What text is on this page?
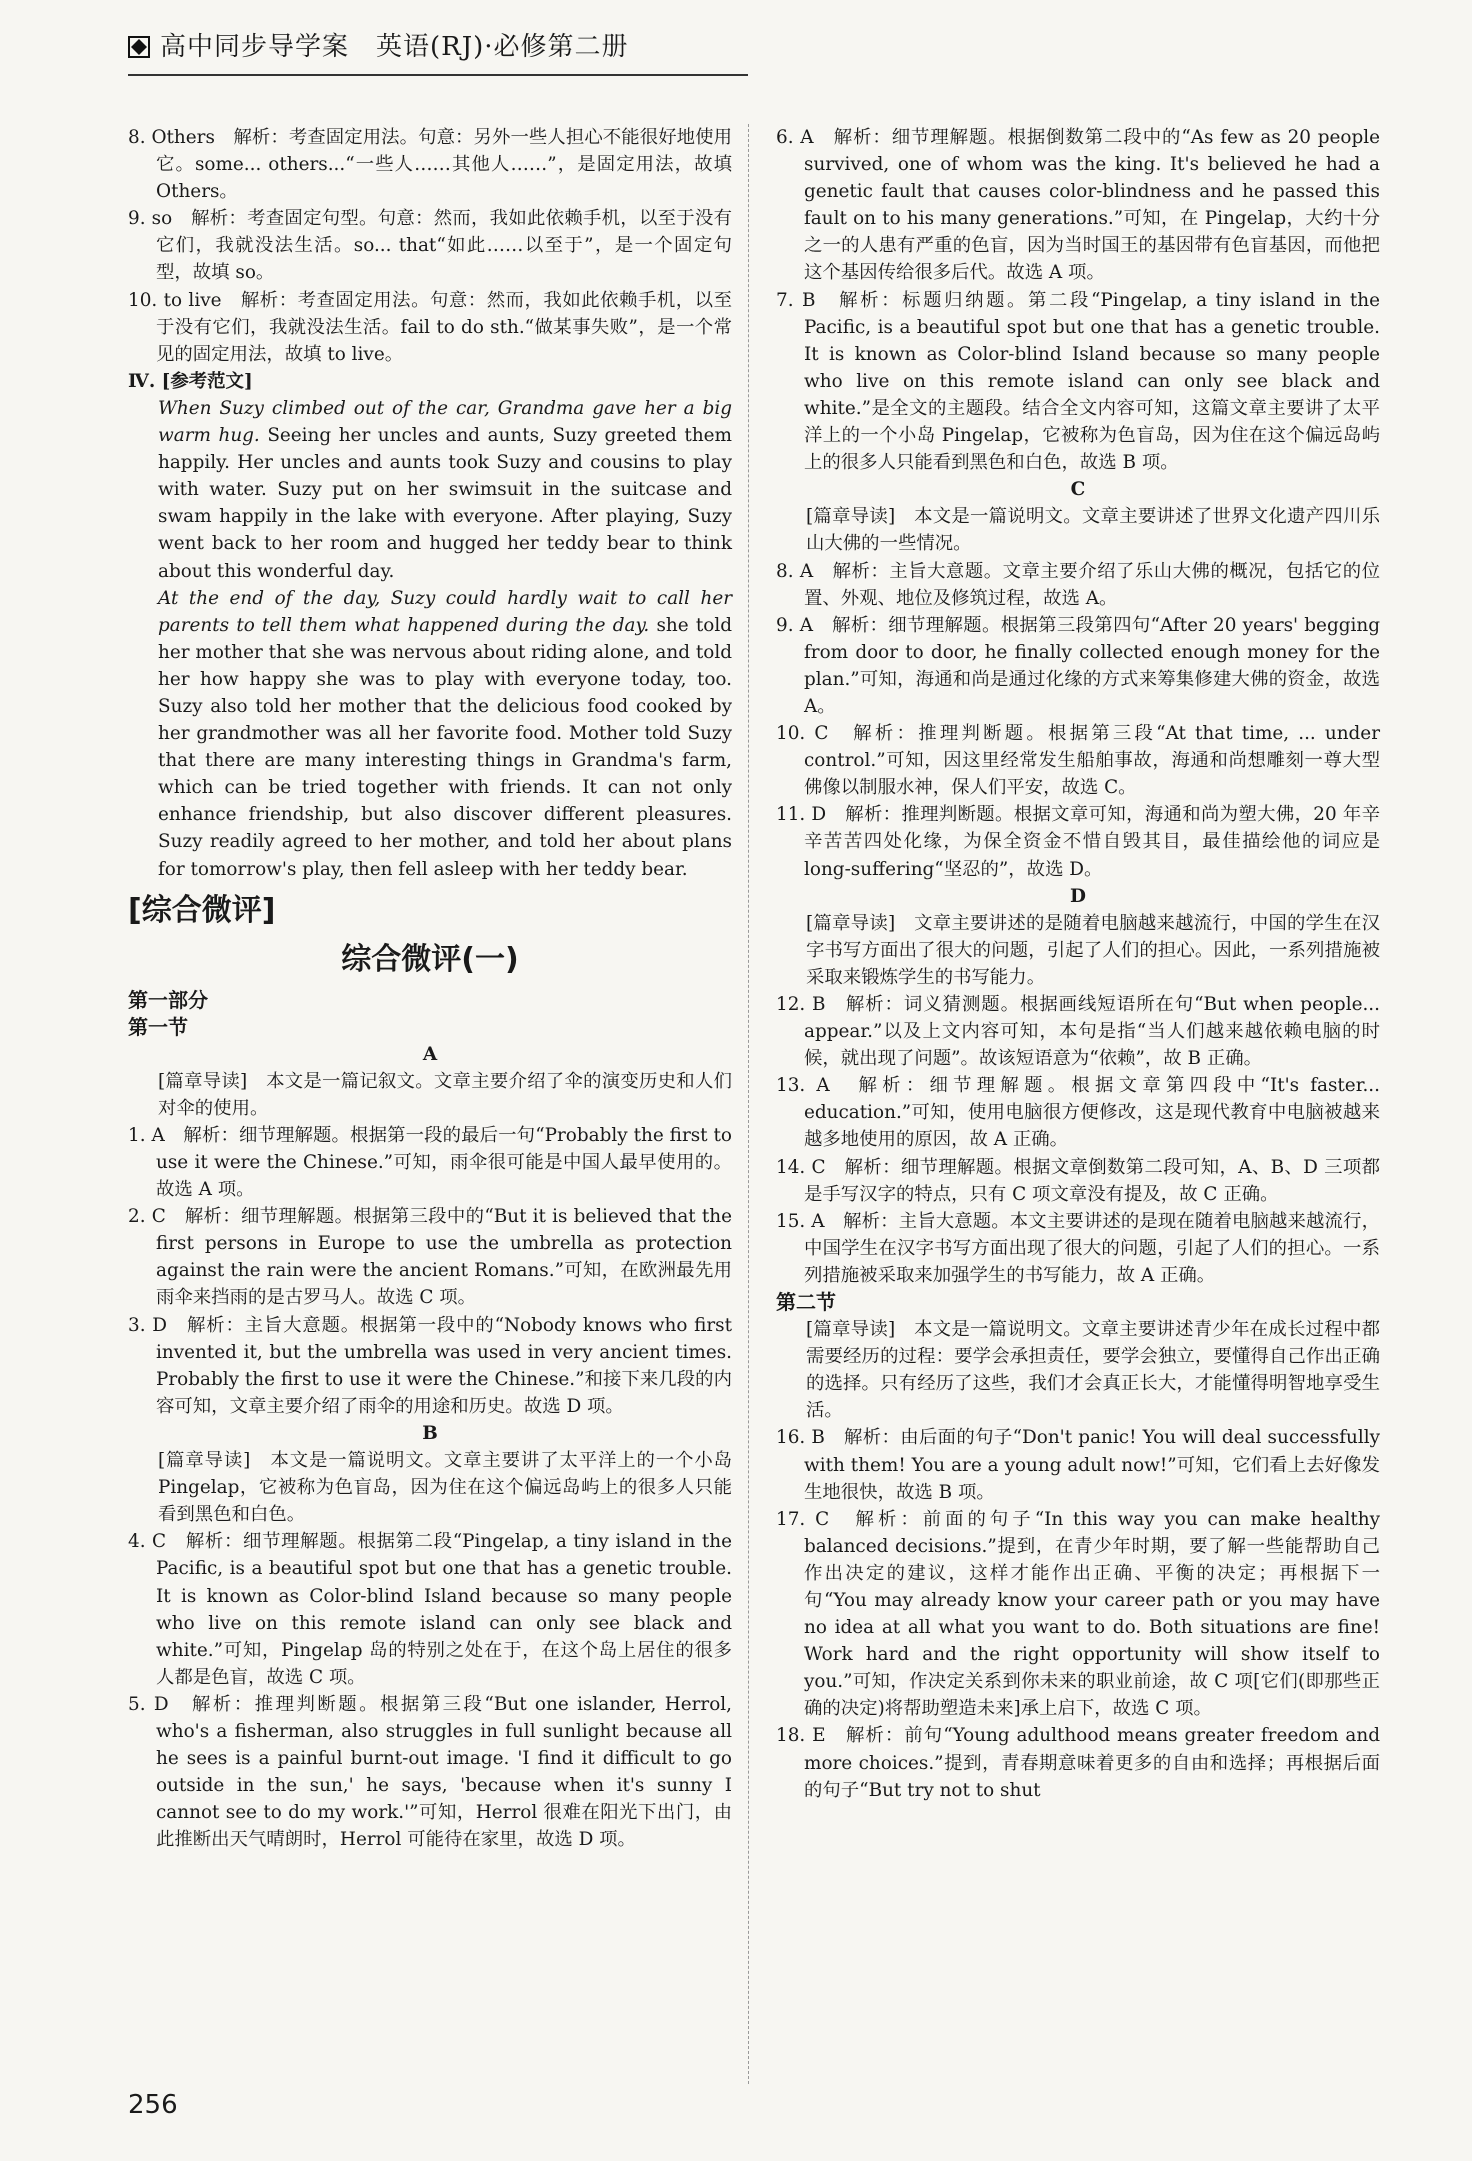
高中同步导学案　英语(RJ)·必修第二册

8. Others　解析：考查固定用法。句意：另外一些人担心不能很好地使用它。some... others...“一些人……其他人……”，是固定用法，故填 Others。

9. so　解析：考查固定句型。句意：然而，我如此依赖手机，以至于没有它们，我就没法生活。so... that“如此……以至于”，是一个固定句型，故填 so。

10. to live　解析：考查固定用法。句意：然而，我如此依赖手机，以至于没有它们，我就没法生活。fail to do sth.“做某事失败”，是一个常见的固定用法，故填 to live。

Ⅳ. [参考范文]

When Suzy climbed out of the car, Grandma gave her a big warm hug. Seeing her uncles and aunts, Suzy greeted them happily. Her uncles and aunts took Suzy and cousins to play with water. Suzy put on her swimsuit in the suitcase and swam happily in the lake with everyone. After playing, Suzy went back to her room and hugged her teddy bear to think about this wonderful day.

At the end of the day, Suzy could hardly wait to call her parents to tell them what happened during the day. she told her mother that she was nervous about riding alone, and told her how happy she was to play with everyone today, too. Suzy also told her mother that the delicious food cooked by her grandmother was all her favorite food. Mother told Suzy that there are many interesting things in Grandma's farm, which can be tried together with friends. It can not only enhance friendship, but also discover different pleasures. Suzy readily agreed to her mother, and told her about plans for tomorrow's play, then fell asleep with her teddy bear.

[综合微评]
综合微评(一)
第一部分
第一节

A

[篇章导读]　本文是一篇记叙文。文章主要介绍了伞的演变历史和人们对伞的使用。

1. A　解析：细节理解题。根据第一段的最后一句“Probably the first to use it were the Chinese.”可知，雨伞很可能是中国人最早使用的。故选 A 项。

2. C　解析：细节理解题。根据第三段中的“But it is believed that the first persons in Europe to use the umbrella as protection against the rain were the ancient Romans.”可知，在欧洲最先用雨伞来挡雨的是古罗马人。故选 C 项。

3. D　解析：主旨大意题。根据第一段中的“Nobody knows who first invented it, but the umbrella was used in very ancient times. Probably the first to use it were the Chinese.”和接下来几段的内容可知，文章主要介绍了雨伞的用途和历史。故选 D 项。

B

[篇章导读]　本文是一篇说明文。文章主要讲了太平洋上的一个小岛 Pingelap，它被称为色盲岛，因为住在这个偏远岛屿上的很多人只能看到黑色和白色。

4. C　解析：细节理解题。根据第二段“Pingelap, a tiny island in the Pacific, is a beautiful spot but one that has a genetic trouble. It is known as Color-blind Island because so many people who live on this remote island can only see black and white.”可知，Pingelap 岛的特别之处在于，在这个岛上居住的很多人都是色盲，故选 C 项。

5. D　解析：推理判断题。根据第三段“But one islander, Herrol, who's a fisherman, also struggles in full sunlight because all he sees is a painful burnt-out image. 'I find it difficult to go outside in the sun,' he says, 'because when it's sunny I cannot see to do my work.'”可知，Herrol 很难在阳光下出门，由此推断出天气晴朗时，Herrol 可能待在家里，故选 D 项。

6. A　解析：细节理解题。根据倒数第二段中的“As few as 20 people survived, one of whom was the king. It's believed he had a genetic fault that causes color-blindness and he passed this fault on to his many generations.”可知，在 Pingelap，大约十分之一的人患有严重的色盲，因为当时国王的基因带有色盲基因，而他把这个基因传给很多后代。故选 A 项。

7. B　解析：标题归纳题。第二段“Pingelap, a tiny island in the Pacific, is a beautiful spot but one that has a genetic trouble. It is known as Color-blind Island because so many people who live on this remote island can only see black and white.”是全文的主题段。结合全文内容可知，这篇文章主要讲了太平洋上的一个小岛 Pingelap，它被称为色盲岛，因为住在这个偏远岛屿上的很多人只能看到黑色和白色，故选 B 项。

C

[篇章导读]　本文是一篇说明文。文章主要讲述了世界文化遗产四川乐山大佛的一些情况。

8. A　解析：主旨大意题。文章主要介绍了乐山大佛的概况，包括它的位置、外观、地位及修筑过程，故选 A。

9. A　解析：细节理解题。根据第三段第四句“After 20 years' begging from door to door, he finally collected enough money for the plan.”可知，海通和尚是通过化缘的方式来筹集修建大佛的资金，故选 A。

10. C　解析：推理判断题。根据第三段“At that time, ... under control.”可知，因这里经常发生船舶事故，海通和尚想雕刻一尊大型佛像以制服水神，保人们平安，故选 C。

11. D　解析：推理判断题。根据文章可知，海通和尚为塑大佛，20 年辛辛苦苦四处化缘，为保全资金不惜自毁其目，最佳描绘他的词应是 long-suffering“坚忍的”，故选 D。

D

[篇章导读]　文章主要讲述的是随着电脑越来越流行，中国的学生在汉字书写方面出了很大的问题，引起了人们的担心。因此，一系列措施被采取来锻炼学生的书写能力。

12. B　解析：词义猜测题。根据画线短语所在句“But when people... appear.”以及上文内容可知，本句是指“当人们越来越依赖电脑的时候，就出现了问题”。故该短语意为“依赖”，故 B 正确。

13. A　解析：细节理解题。根据文章第四段中“It's faster... education.”可知，使用电脑很方便修改，这是现代教育中电脑被越来越多地使用的原因，故 A 正确。

14. C　解析：细节理解题。根据文章倒数第二段可知，A、B、D 三项都是手写汉字的特点，只有 C 项文章没有提及，故 C 正确。

15. A　解析：主旨大意题。本文主要讲述的是现在随着电脑越来越流行，中国学生在汉字书写方面出现了很大的问题，引起了人们的担心。一系列措施被采取来加强学生的书写能力，故 A 正确。

第二节

[篇章导读]　本文是一篇说明文。文章主要讲述青少年在成长过程中都需要经历的过程：要学会承担责任，要学会独立，要懂得自己作出正确的选择。只有经历了这些，我们才会真正长大，才能懂得明智地享受生活。

16. B　解析：由后面的句子“Don't panic! You will deal successfully with them! You are a young adult now!”可知，它们看上去好像发生地很快，故选 B 项。

17. C　解析：前面的句子“In this way you can make healthy balanced decisions.”提到，在青少年时期，要了解一些能帮助自己作出决定的建议，这样才能作出正确、平衡的决定；再根据下一句“You may already know your career path or you may have no idea at all what you want to do. Both situations are fine! Work hard and the right opportunity will show itself to you.”可知，作决定关系到你未来的职业前途，故 C 项[它们(即那些正确的决定)将帮助塑造未来]承上启下，故选 C 项。

18. E　解析：前句“Young adulthood means greater freedom and more choices.”提到，青春期意味着更多的自由和选择；再根据后面的句子“But try not to shut

256
